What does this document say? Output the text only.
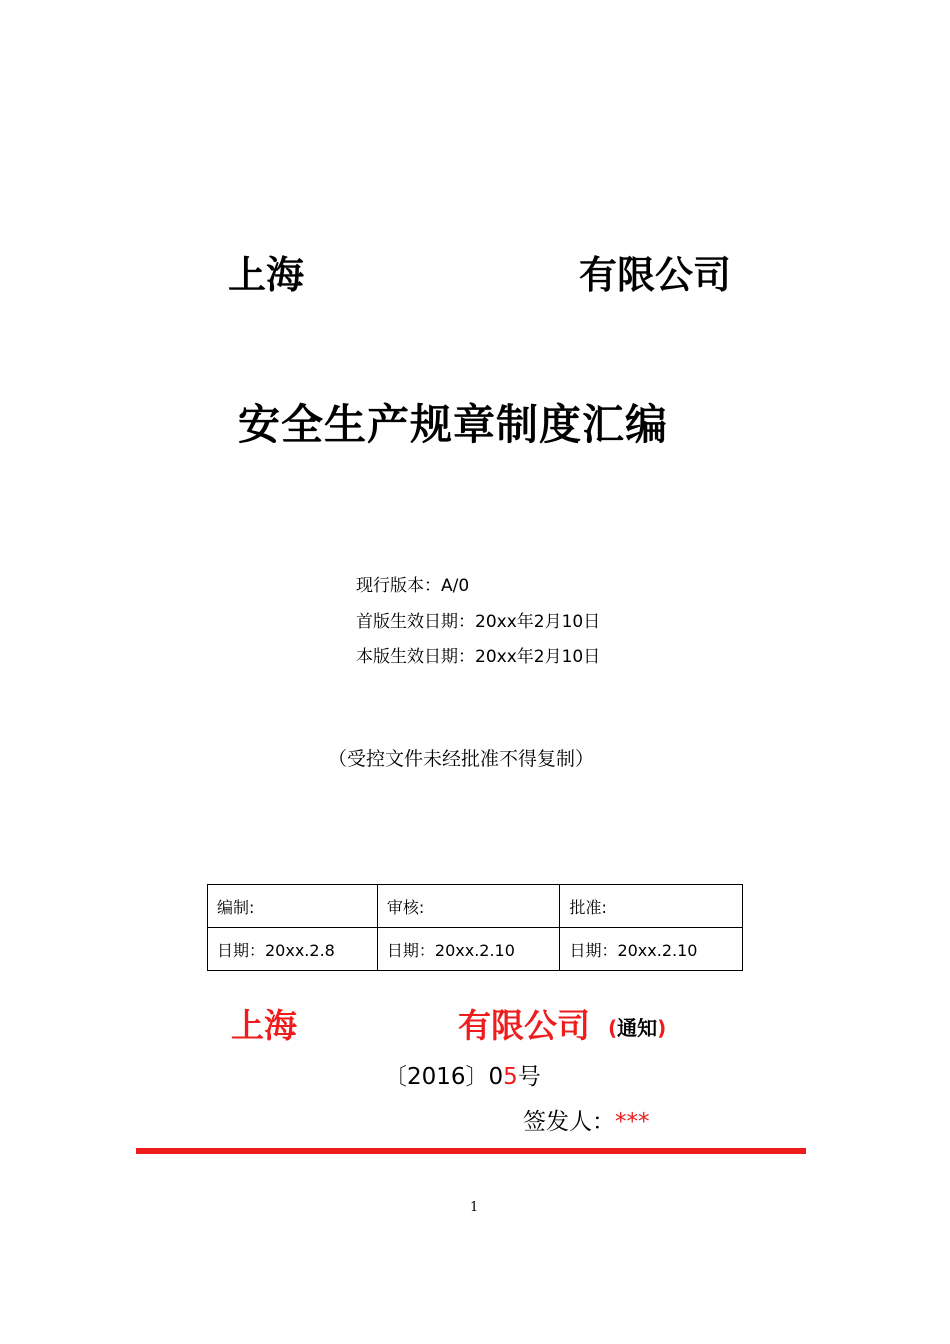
上海	有限公司
安全生产规章制度汇编
现行版本：A/0
首版生效日期：20xx年2月10日
本版生效日期：20xx年2月10日
（受控文件未经批准不得复制）
编制:	审核:	批准:
日期：20xx.2.8	日期：20xx.2.10	日期：20xx.2.10
上海	有限公司 (通知)
〔2016〕05号
签发人：***
1
